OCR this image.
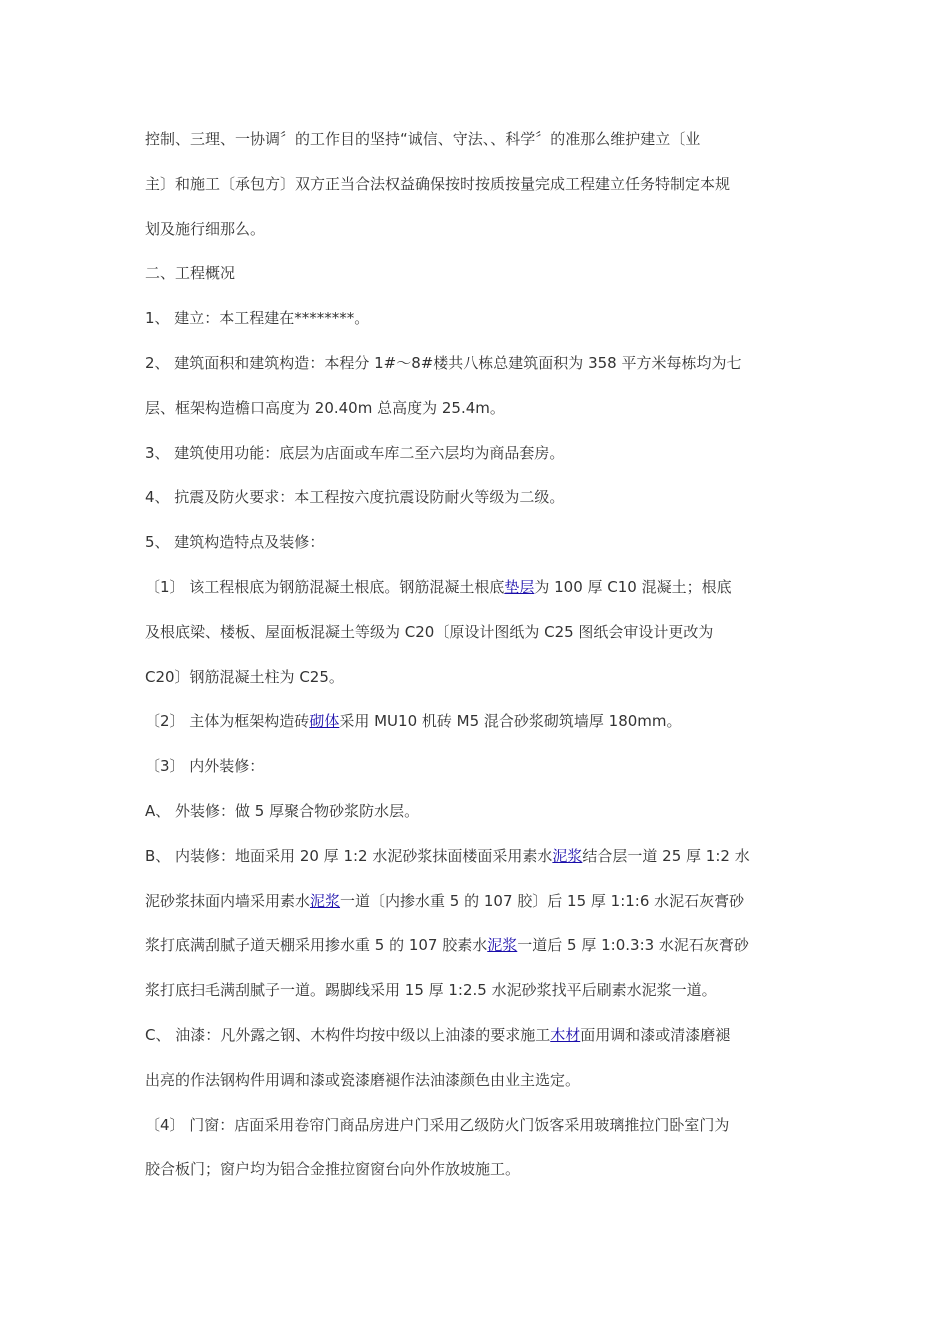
控制、三理、一协调〞的工作目的坚持“诚信、守法、、科学〞的准那么维护建立〔业
主〕和施工〔承包方〕双方正当合法权益确保按时按质按量完成工程建立任务特制定本规
划及施行细那么。
二、工程概况
1、 建立：本工程建在********。
2、 建筑面积和建筑构造：本程分 1#～8#楼共八栋总建筑面积为 358 平方米每栋均为七
层、框架构造檐口高度为 20.40m 总高度为 25.4m。
3、 建筑使用功能：底层为店面或车库二至六层均为商品套房。
4、 抗震及防火要求：本工程按六度抗震设防耐火等级为二级。
5、 建筑构造特点及装修：
〔1〕 该工程根底为钢筋混凝土根底。钢筋混凝土根底垫层为 100 厚 C10 混凝土；根底
及根底梁、楼板、屋面板混凝土等级为 C20〔原设计图纸为 C25 图纸会审设计更改为
C20〕钢筋混凝土柱为 C25。
〔2〕 主体为框架构造砖砌体采用 MU10 机砖 M5 混合砂浆砌筑墙厚 180mm。
〔3〕 内外装修：
A、 外装修：做 5 厚聚合物砂浆防水层。
B、 内装修：地面采用 20 厚 1:2 水泥砂浆抹面楼面采用素水泥浆结合层一道 25 厚 1:2 水
泥砂浆抹面内墙采用素水泥浆一道〔内掺水重 5 的 107 胶〕后 15 厚 1:1:6 水泥石灰膏砂
浆打底满刮腻子道天棚采用掺水重 5 的 107 胶素水泥浆一道后 5 厚 1:0.3:3 水泥石灰膏砂
浆打底扫毛满刮腻子一道。踢脚线采用 15 厚 1:2.5 水泥砂浆找平后刷素水泥浆一道。
C、 油漆：凡外露之钢、木构件均按中级以上油漆的要求施工木材面用调和漆或清漆磨褪
出亮的作法钢构件用调和漆或瓷漆磨褪作法油漆颜色由业主选定。
〔4〕 门窗：店面采用卷帘门商品房进户门采用乙级防火门饭客采用玻璃推拉门卧室门为
胶合板门；窗户均为铝合金推拉窗窗台向外作放坡施工。
